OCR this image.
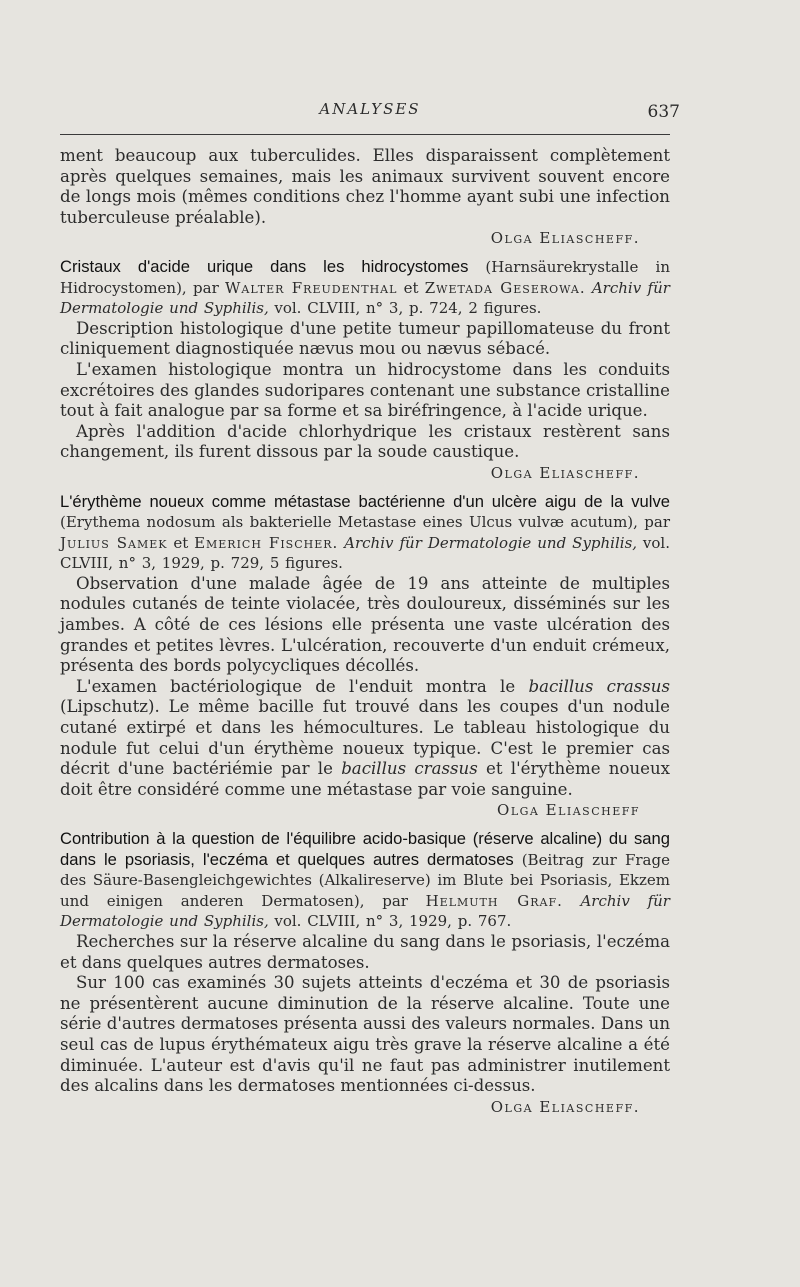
ANALYSES	637

ment beaucoup aux tuberculides. Elles disparaissent complètement après quelques semaines, mais les animaux survivent souvent encore de longs mois (mêmes conditions chez l'homme ayant subi une infection tuberculeuse préalable).

Olga Eliascheff.

Cristaux d'acide urique dans les hidrocystomes (Harnsäurekrystalle in Hidrocystomen), par Walter Freudenthal et Zwetada Geserowa. Archiv für Dermatologie und Syphilis, vol. CLVIII, n° 3, p. 724, 2 figures.

Description histologique d'une petite tumeur papillomateuse du front cliniquement diagnostiquée nævus mou ou nævus sébacé.

L'examen histologique montra un hidrocystome dans les conduits excrétoires des glandes sudoripares contenant une substance cristalline tout à fait analogue par sa forme et sa biréfringence, à l'acide urique.

Après l'addition d'acide chlorhydrique les cristaux restèrent sans changement, ils furent dissous par la soude caustique.

Olga Eliascheff.

L'érythème noueux comme métastase bactérienne d'un ulcère aigu de la vulve (Erythema nodosum als bakterielle Metastase eines Ulcus vulvæ acutum), par Julius Samek et Emerich Fischer. Archiv für Dermatologie und Syphilis, vol. CLVIII, n° 3, 1929, p. 729, 5 figures.

Observation d'une malade âgée de 19 ans atteinte de multiples nodules cutanés de teinte violacée, très douloureux, disséminés sur les jambes. A côté de ces lésions elle présenta une vaste ulcération des grandes et petites lèvres. L'ulcération, recouverte d'un enduit crémeux, présenta des bords polycycliques décollés.

L'examen bactériologique de l'enduit montra le bacillus crassus (Lipschutz). Le même bacille fut trouvé dans les coupes d'un nodule cutané extirpé et dans les hémocultures. Le tableau histologique du nodule fut celui d'un érythème noueux typique. C'est le premier cas décrit d'une bactériémie par le bacillus crassus et l'érythème noueux doit être considéré comme une métastase par voie sanguine.

Olga Eliascheff

Contribution à la question de l'équilibre acido-basique (réserve alcaline) du sang dans le psoriasis, l'eczéma et quelques autres dermatoses (Beitrag zur Frage des Säure-Basengleichgewichtes (Alkalireserve) im Blute bei Psoriasis, Ekzem und einigen anderen Dermatosen), par Helmuth Graf. Archiv für Dermatologie und Syphilis, vol. CLVIII, n° 3, 1929, p. 767.

Recherches sur la réserve alcaline du sang dans le psoriasis, l'eczéma et dans quelques autres dermatoses.

Sur 100 cas examinés 30 sujets atteints d'eczéma et 30 de psoriasis ne présentèrent aucune diminution de la réserve alcaline. Toute une série d'autres dermatoses présenta aussi des valeurs normales. Dans un seul cas de lupus érythémateux aigu très grave la réserve alcaline a été diminuée. L'auteur est d'avis qu'il ne faut pas administrer inutilement des alcalins dans les dermatoses mentionnées ci-dessus.

Olga Eliascheff.
